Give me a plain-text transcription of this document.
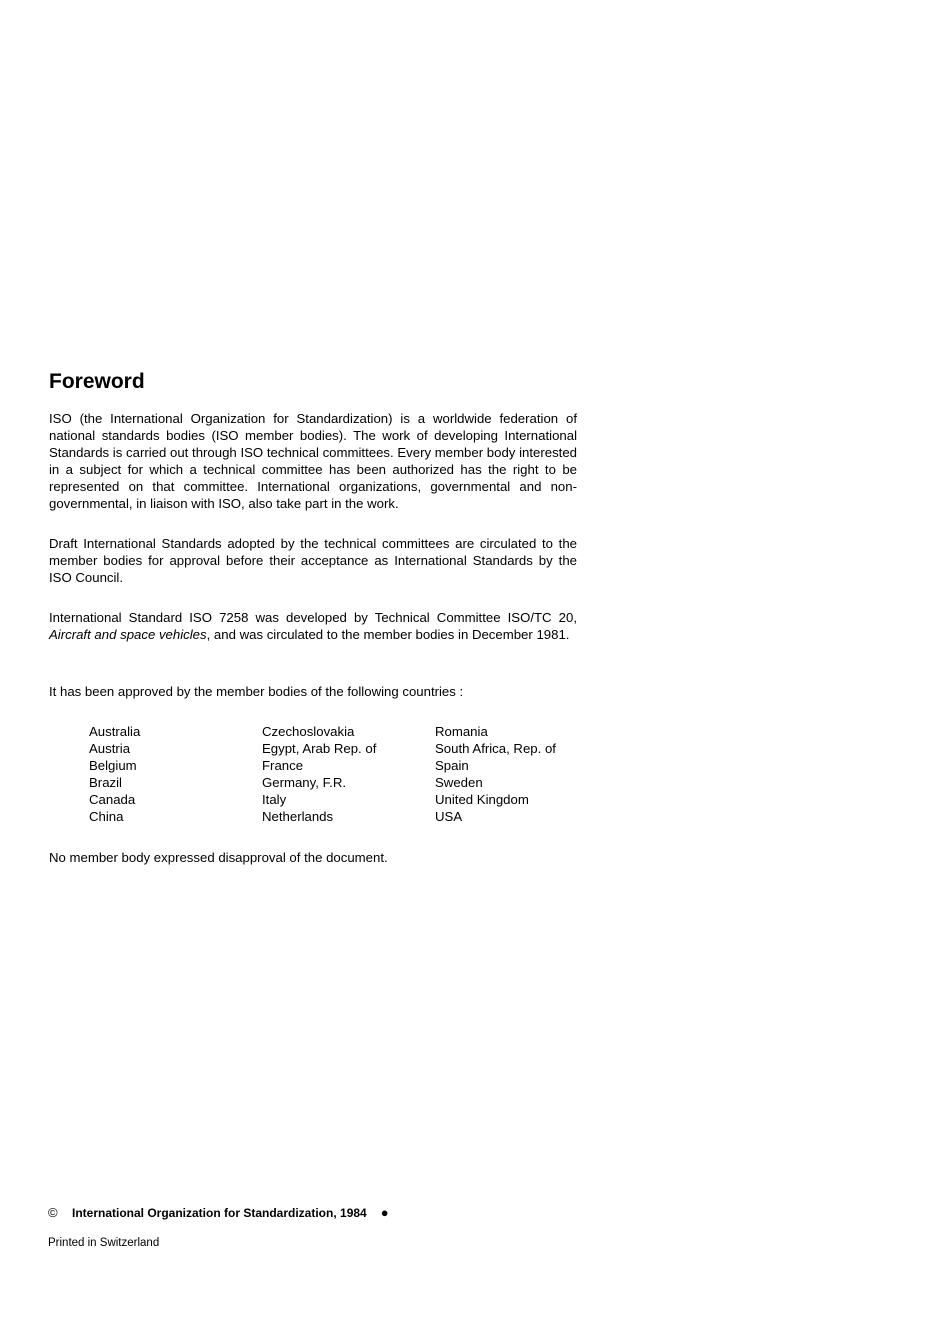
Foreword

ISO (the International Organization for Standardization) is a worldwide federation of national standards bodies (ISO member bodies). The work of developing International Standards is carried out through ISO technical committees. Every member body interested in a subject for which a technical committee has been authorized has the right to be represented on that committee. International organizations, governmental and non-governmental, in liaison with ISO, also take part in the work.

Draft International Standards adopted by the technical committees are circulated to the member bodies for approval before their acceptance as International Standards by the ISO Council.

International Standard ISO 7258 was developed by Technical Committee ISO/TC 20, Aircraft and space vehicles, and was circulated to the member bodies in December 1981.

It has been approved by the member bodies of the following countries :

Australia
Austria
Belgium
Brazil
Canada
China
Czechoslovakia
Egypt, Arab Rep. of
France
Germany, F.R.
Italy
Netherlands
Romania
South Africa, Rep. of
Spain
Sweden
United Kingdom
USA

No member body expressed disapproval of the document.

© International Organization for Standardization, 1984 ●
Printed in Switzerland
